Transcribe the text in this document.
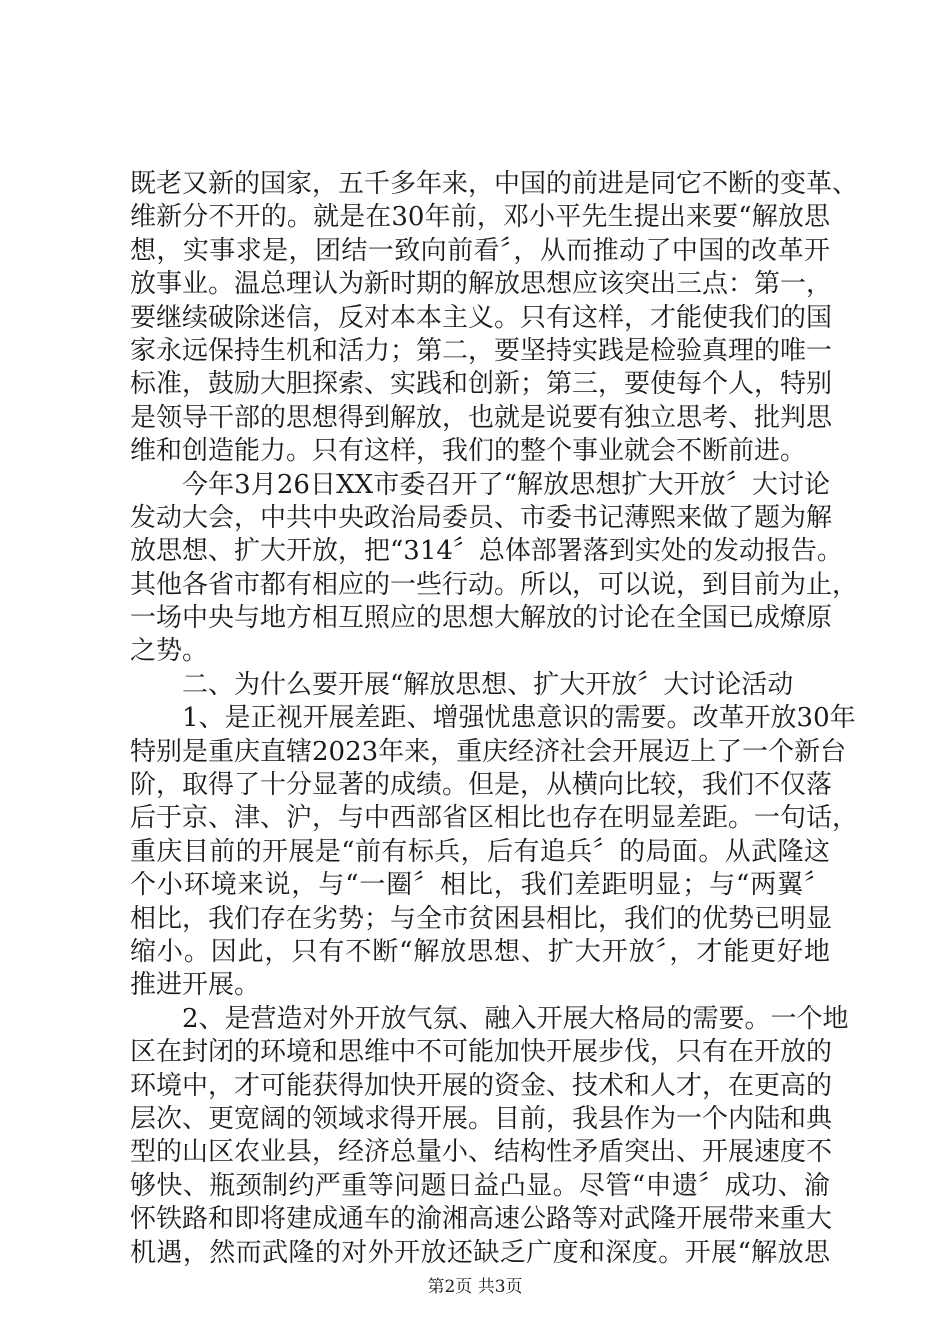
既老又新的国家，五千多年来，中国的前进是同它不断的变革、
维新分不开的。就是在30年前，邓小平先生提出来要“解放思
想，实事求是，团结一致向前看〞，从而推动了中国的改革开
放事业。温总理认为新时期的解放思想应该突出三点：第一，
要继续破除迷信，反对本本主义。只有这样，才能使我们的国
家永远保持生机和活力；第二，要坚持实践是检验真理的唯一
标准，鼓励大胆探索、实践和创新；第三，要使每个人，特别
是领导干部的思想得到解放，也就是说要有独立思考、批判思
维和创造能力。只有这样，我们的整个事业就会不断前进。
今年3月26日XX市委召开了“解放思想扩大开放〞大讨论
发动大会，中共中央政治局委员、市委书记薄熙来做了题为解
放思想、扩大开放，把“314〞总体部署落到实处的发动报告。
其他各省市都有相应的一些行动。所以，可以说，到目前为止，
一场中央与地方相互照应的思想大解放的讨论在全国已成燎原
之势。
二、为什么要开展“解放思想、扩大开放〞大讨论活动
1、是正视开展差距、增强忧患意识的需要。改革开放30年
特别是重庆直辖2023年来，重庆经济社会开展迈上了一个新台
阶，取得了十分显著的成绩。但是，从横向比较，我们不仅落
后于京、津、沪，与中西部省区相比也存在明显差距。一句话，
重庆目前的开展是“前有标兵，后有追兵〞的局面。从武隆这
个小环境来说，与“一圈〞相比，我们差距明显；与“两翼〞
相比，我们存在劣势；与全市贫困县相比，我们的优势已明显
缩小。因此，只有不断“解放思想、扩大开放〞，才能更好地
推进开展。
2、是营造对外开放气氛、融入开展大格局的需要。一个地
区在封闭的环境和思维中不可能加快开展步伐，只有在开放的
环境中，才可能获得加快开展的资金、技术和人才，在更高的
层次、更宽阔的领域求得开展。目前，我县作为一个内陆和典
型的山区农业县，经济总量小、结构性矛盾突出、开展速度不
够快、瓶颈制约严重等问题日益凸显。尽管“申遗〞成功、渝
怀铁路和即将建成通车的渝湘高速公路等对武隆开展带来重大
机遇，然而武隆的对外开放还缺乏广度和深度。开展“解放思
第2页 共3页
